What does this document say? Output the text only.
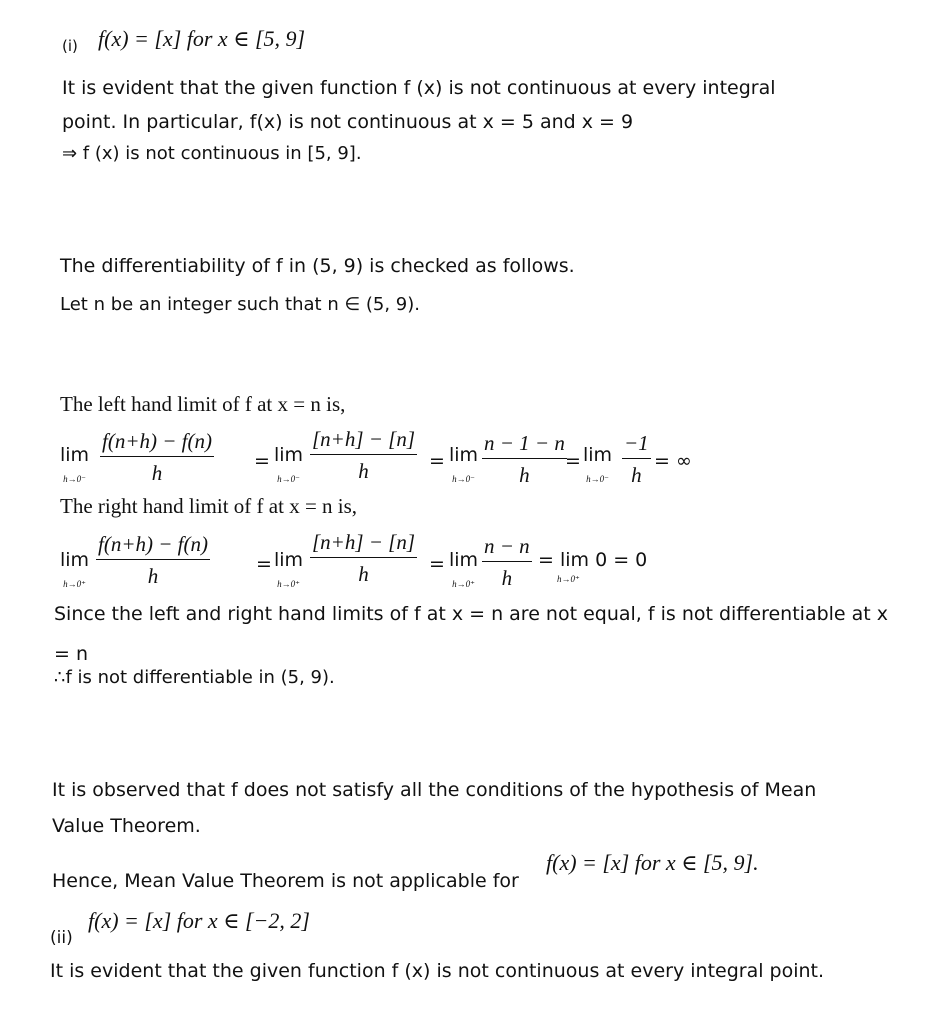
(i) f(x) = [x] for x ∈ [5, 9]
It is evident that the given function f (x) is not continuous at every integral
point. In particular, f(x) is not continuous at x = 5 and x = 9
⇒ f (x) is not continuous in [5, 9].
The differentiability of f in (5, 9) is checked as follows.
Let n be an integer such that n ∈ (5, 9).
The left hand limit of f at x = n is,
lim
h→0⁻
f(n+h) − f(n)
h
= lim
h→0⁻
[n+h] − [n]
h	= lim
h→0⁻
n − 1 − n
h
= lim
h→0⁻
−1
h
= ∞
The right hand limit of f at x = n is,
lim
h→0⁺
f(n+h) − f(n)
h
= lim
h→0⁺
[n+h] − [n]
h	= lim
h→0⁺
n − n
h
= lim 0 = 0
h→0⁺
Since the left and right hand limits of f at x = n are not equal, f is not differentiable at x
= n
∴f is not differentiable in (5, 9).
It is observed that f does not satisfy all the conditions of the hypothesis of Mean
Value Theorem.
Hence, Mean Value Theorem is not applicable for
f(x) = [x] for x ∈ [5, 9].
(ii)
f(x) = [x] for x ∈ [−2, 2]
It is evident that the given function f (x) is not continuous at every integral point.
